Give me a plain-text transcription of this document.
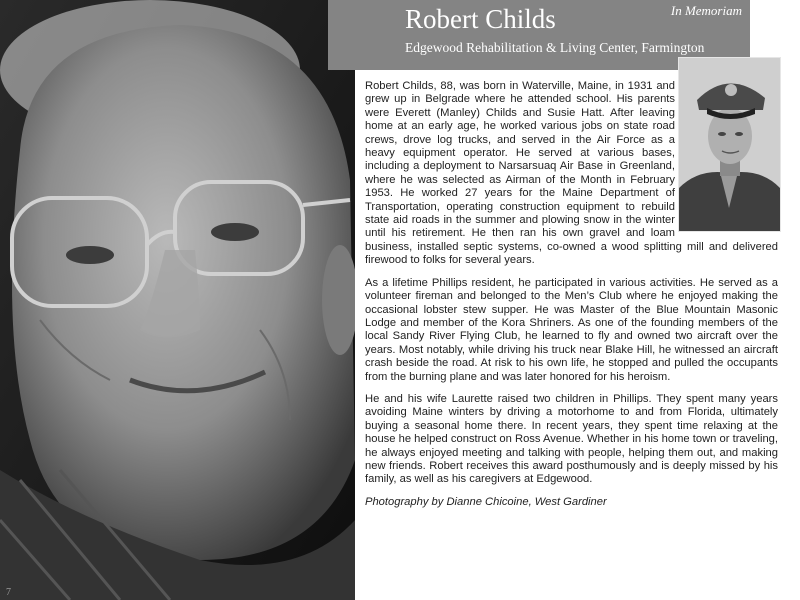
7
Robert Childs
Edgewood Rehabilitation & Living Center, Farmington
In Memoriam

Robert Childs, 88, was born in Waterville, Maine, in 1931 and grew up in Belgrade where he attended school. His parents were Everett (Manley) Childs and Susie Hatt. After leaving home at an early age, he worked various jobs on state road crews, drove log trucks, and served in the Air Force as a heavy equipment operator. He served at various bases, including a deployment to Narsarsuaq Air Base in Greenland, where he was selected as Airman of the Month in February 1953. He worked 27 years for the Maine Department of Transportation, operating construction equipment to rebuild state aid roads in the summer and plowing snow in the winter until his retirement. He then ran his own gravel and loam business, installed septic systems, co-owned a wood splitting mill and delivered firewood to folks for several years.

As a lifetime Phillips resident, he participated in various activities. He served as a volunteer fireman and belonged to the Men’s Club where he enjoyed making the occasional lobster stew supper. He was Master of the Blue Mountain Masonic Lodge and member of the Kora Shriners. As one of the founding members of the local Sandy River Flying Club, he learned to fly and owned two aircraft over the years. Most notably, while driving his truck near Blake Hill, he witnessed an aircraft crash beside the road. At risk to his own life, he stopped and pulled the occupants from the burning plane and was later honored for his heroism.

He and his wife Laurette raised two children in Phillips. They spent many years avoiding Maine winters by driving a motorhome to and from Florida, ultimately buying a seasonal home there. In recent years, they spent time relaxing at the house he helped construct on Ross Avenue. Whether in his home town or traveling, he always enjoyed meeting and talking with people, helping them out, and making new friends. Robert receives this award posthumously and is deeply missed by his family, as well as his caregivers at Edgewood.

Photography by Dianne Chicoine, West Gardiner
